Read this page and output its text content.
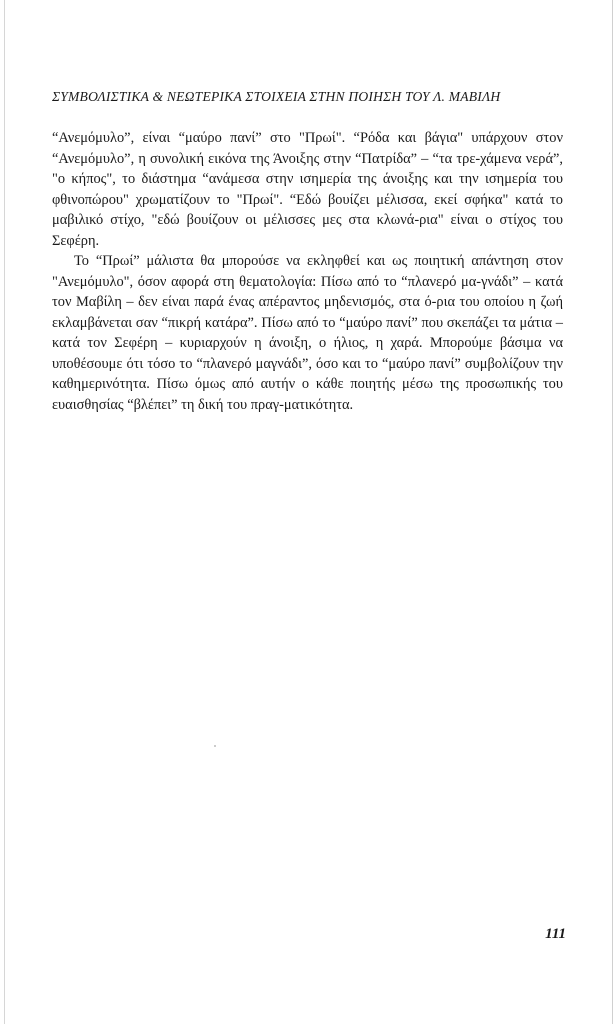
ΣΥΜΒΟΛΙΣΤΙΚΑ & ΝΕΩΤΕΡΙΚΑ ΣΤΟΙΧΕΙΑ ΣΤΗΝ ΠΟΙΗΣΗ ΤΟΥ Λ. ΜΑΒΙΛΗ

“Ανεμόμυλο”, είναι “μαύρο πανί” στο "Πρωί". “Ρόδα και βάγια" υπάρχουν στον “Ανεμόμυλο”, η συνολική εικόνα της Άνοιξης στην “Πατρίδα” – “τα τρε-χάμενα νερά”, "ο κήπος", το διάστημα “ανάμεσα στην ισημερία της άνοιξης και την ισημερία του φθινοπώρου" χρωματίζουν το "Πρωί". “Εδώ βουίζει μέλισσα, εκεί σφήκα" κατά το μαβιλικό στίχο, "εδώ βουίζουν οι μέλισσες μες στα κλωνά-ρια" είναι ο στίχος του Σεφέρη.

Το “Πρωί” μάλιστα θα μπορούσε να εκληφθεί και ως ποιητική απάντηση στον "Ανεμόμυλο", όσον αφορά στη θεματολογία: Πίσω από το “πλανερό μα-γνάδι” – κατά τον Μαβίλη – δεν είναι παρά ένας απέραντος μηδενισμός, στα ό-ρια του οποίου η ζωή εκλαμβάνεται σαν “πικρή κατάρα”. Πίσω από το “μαύρο πανί” που σκεπάζει τα μάτια – κατά τον Σεφέρη – κυριαρχούν η άνοιξη, ο ήλιος, η χαρά. Μπορούμε βάσιμα να υποθέσουμε ότι τόσο το “πλανερό μαγνάδι”, όσο και το “μαύρο πανί” συμβολίζουν την καθημερινότητα. Πίσω όμως από αυτήν ο κάθε ποιητής μέσω της προσωπικής του ευαισθησίας “βλέπει” τη δική του πραγ-ματικότητα.

111
